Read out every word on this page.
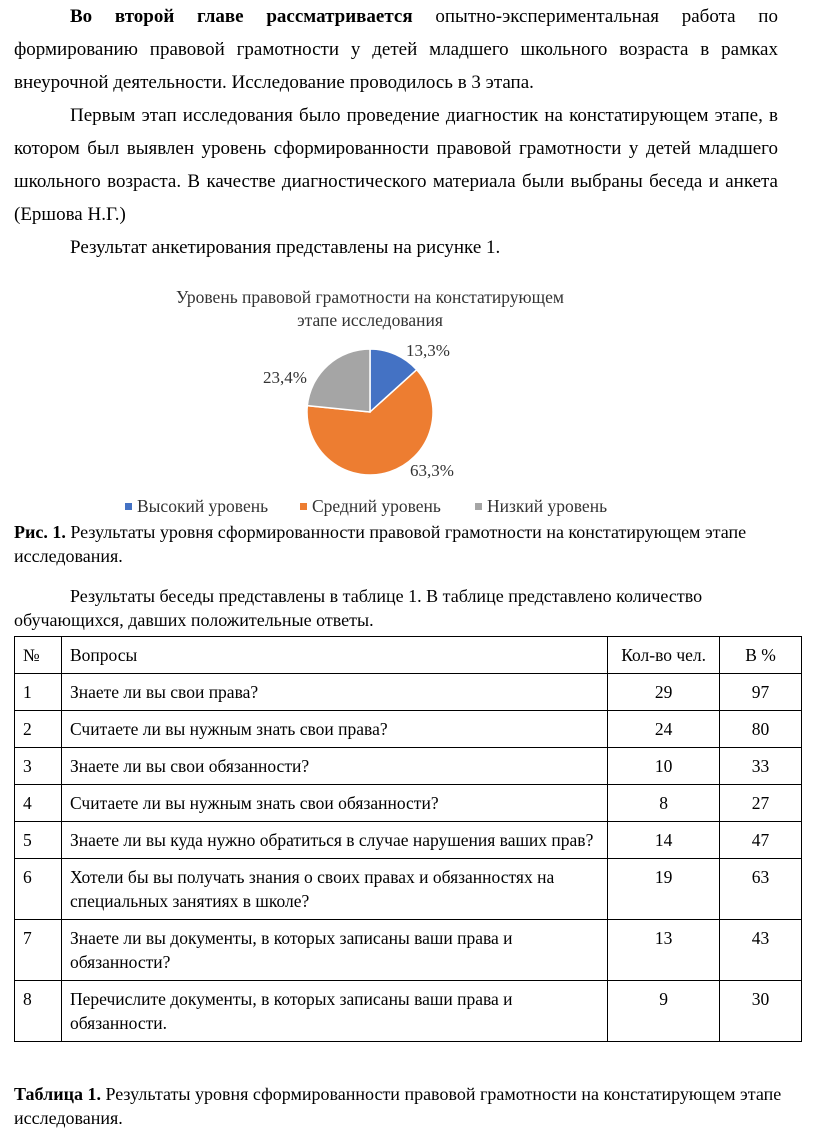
Во второй главе рассматривается опытно-экспериментальная работа по формированию правовой грамотности у детей младшего школьного возраста в рамках внеурочной деятельности. Исследование проводилось в 3 этапа.

Первым этап исследования было проведение диагностик на констатирующем этапе, в котором был выявлен уровень сформированности правовой грамотности у детей младшего школьного возраста. В качестве диагностического материала были выбраны беседа и анкета (Ершова Н.Г.)

Результат анкетирования представлены на рисунке 1.

Уровень правовой грамотности на констатирующем
этапе исследования
13,3%
63,3%
23,4%
Высокий уровень	Средний уровень	Низкий уровень

Рис. 1. Результаты уровня сформированности правовой грамотности на констатирующем этапе исследования.

Результаты беседы представлены в таблице 1. В таблице представлено количество обучающихся, давших положительные ответы.

№	Вопросы	Кол-во чел.	В %
1	Знаете ли вы свои права?	29	97
2	Считаете ли вы нужным знать свои права?	24	80
3	Знаете ли вы свои обязанности?	10	33
4	Считаете ли вы нужным знать свои обязанности?	8	27
5	Знаете ли вы куда нужно обратиться в случае нарушения ваших прав?	14	47
6	Хотели бы вы получать знания о своих правах и обязанностях на специальных занятиях в школе?	19	63
7	Знаете ли вы документы, в которых записаны ваши права и обязанности?	13	43
8	Перечислите документы, в которых записаны ваши права и обязанности.	9	30

Таблица 1. Результаты уровня сформированности правовой грамотности на констатирующем этапе исследования.
